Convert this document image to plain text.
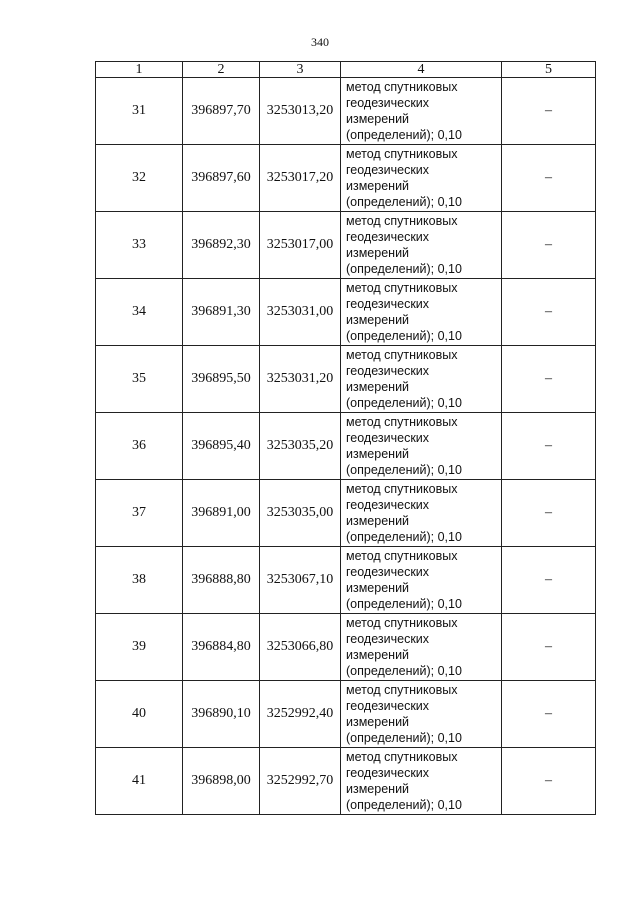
340
1	2	3	4	5
31	396897,70	3253013,20	метод спутниковых
геодезических
измерений
(определений); 0,10	–
32	396897,60	3253017,20	метод спутниковых
геодезических
измерений
(определений); 0,10	–
33	396892,30	3253017,00	метод спутниковых
геодезических
измерений
(определений); 0,10	–
34	396891,30	3253031,00	метод спутниковых
геодезических
измерений
(определений); 0,10	–
35	396895,50	3253031,20	метод спутниковых
геодезических
измерений
(определений); 0,10	–
36	396895,40	3253035,20	метод спутниковых
геодезических
измерений
(определений); 0,10	–
37	396891,00	3253035,00	метод спутниковых
геодезических
измерений
(определений); 0,10	–
38	396888,80	3253067,10	метод спутниковых
геодезических
измерений
(определений); 0,10	–
39	396884,80	3253066,80	метод спутниковых
геодезических
измерений
(определений); 0,10	–
40	396890,10	3252992,40	метод спутниковых
геодезических
измерений
(определений); 0,10	–
41	396898,00	3252992,70	метод спутниковых
геодезических
измерений
(определений); 0,10	–
